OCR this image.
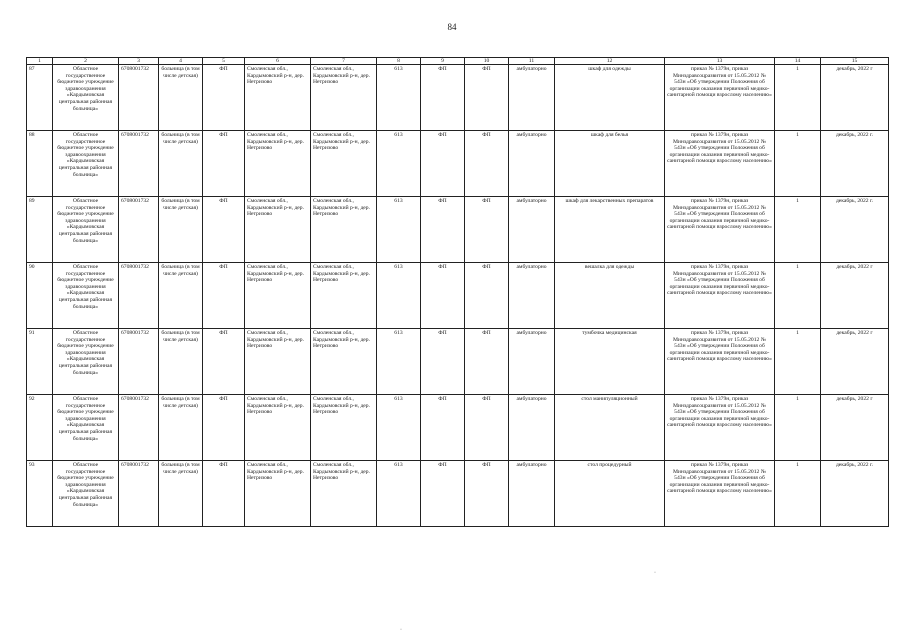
84
1	2	3	4	5	6	7	8	9	10	11	12	13	14	15
87	Областное государственное бюджетное учреждение здравоохранения «Кардымовская центральная районная больница»	6708001732	больница (в том числе детская)	ФП	Смоленская обл., Кардымовский р-н, дер. Нетризово	Смоленская обл., Кардымовский р-н, дер. Нетризово	613	ФП	ФП	амбулаторно	шкаф для одежды	приказ № 1379н, приказ Минздравсоцразвития от 15.05.2012 № 543н «Об утверждении Положения об организации оказания первичной медико-санитарной помощи взрослому населению»	1	декабрь, 2022 г
88	Областное государственное бюджетное учреждение здравоохранения «Кардымовская центральная районная больница»	6708001732	больница (в том числе детская)	ФП	Смоленская обл., Кардымовский р-н, дер. Нетризово	Смоленская обл., Кардымовский р-н, дер. Нетризово	613	ФП	ФП	амбулаторно	шкаф для белья	приказ № 1379н, приказ Минздравсоцразвития от 15.05.2012 № 543н «Об утверждении Положения об организации оказания первичной медико-санитарной помощи взрослому населению»	1	декабрь, 2022 г.
89	Областное государственное бюджетное учреждение здравоохранения «Кардымовская центральная районная больница»	6708001732	больница (в том числе детская)	ФП	Смоленская обл., Кардымовский р-н, дер. Нетризово	Смоленская обл., Кардымовский р-н, дер. Нетризово	613	ФП	ФП	амбулаторно	шкаф для лекарственных препаратов	приказ № 1379н, приказ Минздравсоцразвития от 15.05.2012 № 543н «Об утверждении Положения об организации оказания первичной медико-санитарной помощи взрослому населению»	1	декабрь, 2022 г.
90	Областное государственное бюджетное учреждение здравоохранения «Кардымовская центральная районная больница»	6708001732	больница (в том числе детская)	ФП	Смоленская обл., Кардымовский р-н, дер. Нетризово	Смоленская обл., Кардымовский р-н, дер. Нетризово	613	ФП	ФП	амбулаторно	вешалка для одежды	приказ № 1379н, приказ Минздравсоцразвития от 15.05.2012 № 543н «Об утверждении Положения об организации оказания первичной медико-санитарной помощи взрослому населению»	1	декабрь, 2022 г
91	Областное государственное бюджетное учреждение здравоохранения «Кардымовская центральная районная больница»	6708001732	больница (в том числе детская)	ФП	Смоленская обл., Кардымовский р-н, дер. Нетризово	Смоленская обл., Кардымовский р-н, дер. Нетризово	613	ФП	ФП	амбулаторно	тумбочка медицинская	приказ № 1379н, приказ Минздравсоцразвития от 15.05.2012 № 543н «Об утверждении Положения об организации оказания первичной медико-санитарной помощи взрослому населению»	1	декабрь, 2022 г
92	Областное государственное бюджетное учреждение здравоохранения «Кардымовская центральная районная больница»	6708001732	больница (в том числе детская)	ФП	Смоленская обл., Кардымовский р-н, дер. Нетризово	Смоленская обл., Кардымовский р-н, дер. Нетризово	613	ФП	ФП	амбулаторно	стол манипуляционный	приказ № 1379н, приказ Минздравсоцразвития от 15.05.2012 № 543н «Об утверждении Положения об организации оказания первичной медико-санитарной помощи взрослому населению»	1	декабрь, 2022 г
93	Областное государственное бюджетное учреждение здравоохранения «Кардымовская центральная районная больница»	6708001732	больница (в том числе детская)	ФП	Смоленская обл., Кардымовский р-н, дер. Нетризово	Смоленская обл., Кардымовский р-н, дер. Нетризово	613	ФП	ФП	амбулаторно	стол процедурный	приказ № 1379н, приказ Минздравсоцразвития от 15.05.2012 № 543н «Об утверждении Положения об организации оказания первичной медико-санитарной помощи взрослому населению»	1	декабрь, 2022 г.
·
·
